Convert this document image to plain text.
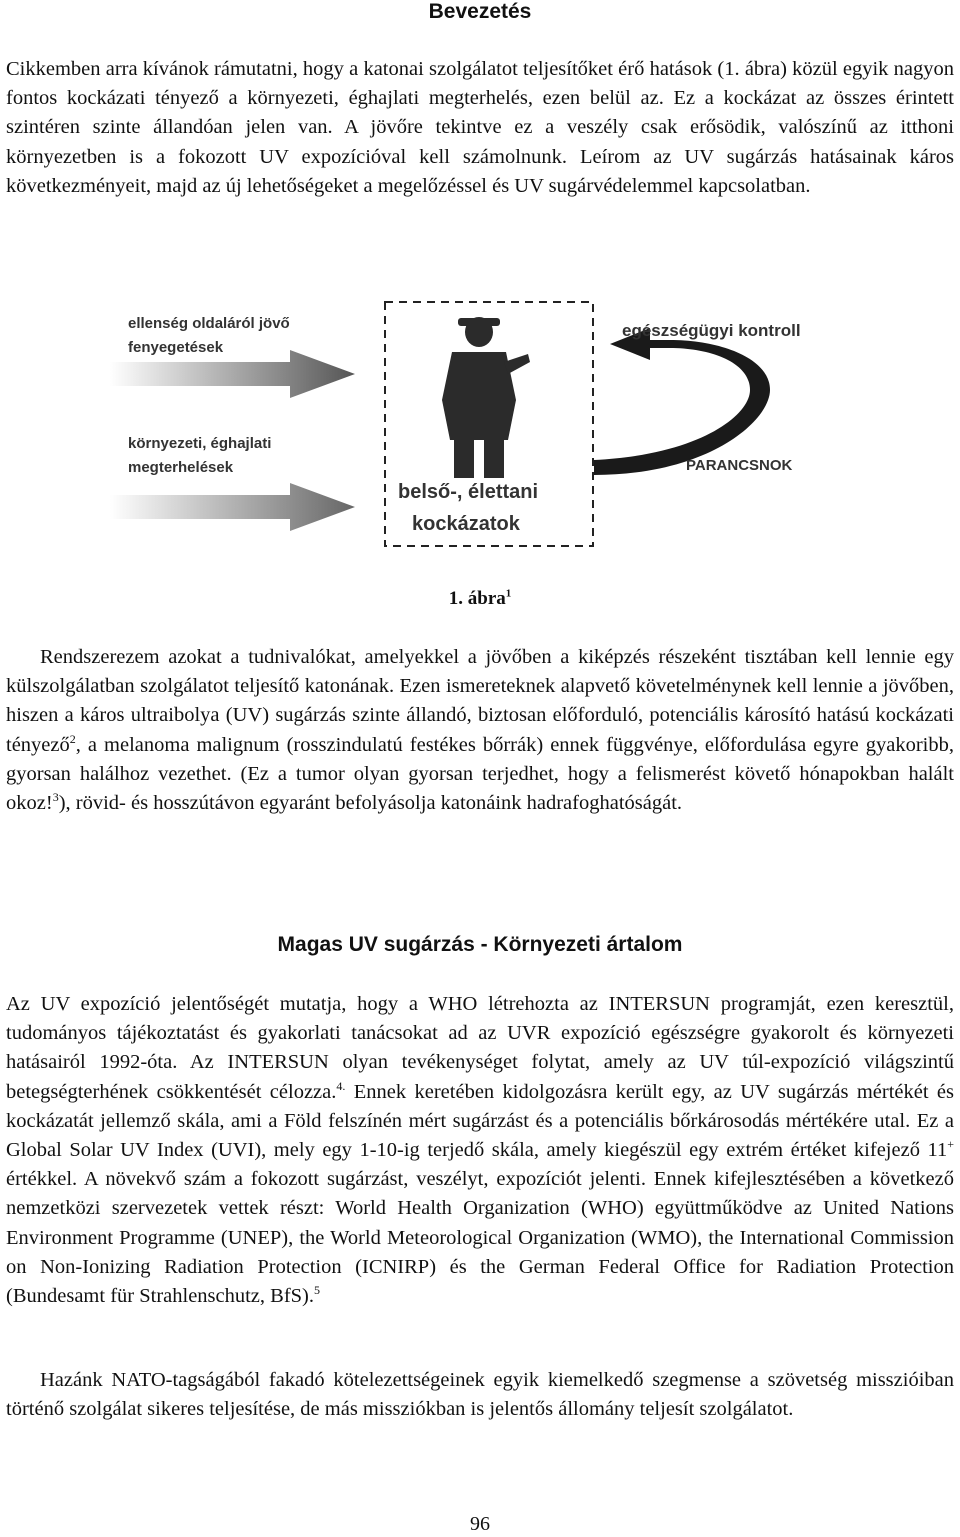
Bevezetés

Cikkemben arra kívánok rámutatni, hogy a katonai szolgálatot teljesítőket érő hatások (1. ábra) közül egyik nagyon fontos kockázati tényező a környezeti, éghajlati megterhelés, ezen belül az. Ez a kockázat az összes érintett szintéren szinte állandóan jelen van. A jövőre tekintve ez a veszély csak erősödik, valószínű az itthoni környezetben is a fokozott UV expozícióval kell számolnunk. Leírom az UV sugárzás hatásainak káros következményeit, majd az új lehetőségeket a megelőzéssel és UV sugárvédelemmel kapcsolatban.

ellenség oldaláról jövő
fenyegetések
környezeti, éghajlati
megterhelések
belső-, élettani
kockázatok
egészségügyi kontroll
PARANCSNOK
1. ábra$^1$

Rendszerezem azokat a tudnivalókat, amelyekkel a jövőben a kiképzés részeként tisztában kell lennie egy külszolgálatban szolgálatot teljesítő katonának. Ezen ismereteknek alapvető követelménynek kell lennie a jövőben, hiszen a káros ultraibolya (UV) sugárzás szinte állandó, biztosan előforduló, potenciális károsító hatású kockázati tényező$^2$, a melanoma malignum (rosszindulatú festékes bőrrák) ennek függvénye, előfordulása egyre gyakoribb, gyorsan halálhoz vezethet. (Ez a tumor olyan gyorsan terjedhet, hogy a felismerést követő hónapokban halált okoz!$^3$), rövid- és hosszútávon egyaránt befolyásolja katonáink hadrafoghatóságát.

Magas UV sugárzás - Környezeti ártalom

Az UV expozíció jelentőségét mutatja, hogy a WHO létrehozta az INTERSUN programját, ezen keresztül, tudományos tájékoztatást és gyakorlati tanácsokat ad az UVR expozíció egészségre gyakorolt és környezeti hatásairól 1992-óta. Az INTERSUN olyan tevékenységet folytat, amely az UV túl-expozíció világszintű betegségterhének csökkentését célozza.$^{4.}$ Ennek keretében kidolgozásra került egy, az UV sugárzás mértékét és kockázatát jellemző skála, ami a Föld felszínén mért sugárzást és a potenciális bőrkárosodás mértékére utal. Ez a Global Solar UV Index (UVI), mely egy 1-10-ig terjedő skála, amely kiegészül egy extrém értéket kifejező 11+ értékkel. A növekvő szám a fokozott sugárzást, veszélyt, expozíciót jelenti. Ennek kifejlesztésében a következő nemzetközi szervezetek vettek részt: World Health Organization (WHO) együttműködve az United Nations Environment Programme (UNEP), the World Meteorological Organization (WMO), the International Commission on Non-Ionizing Radiation Protection (ICNIRP) és the German Federal Office for Radiation Protection (Bundesamt für Strahlenschutz, BfS).$^5$

Hazánk NATO-tagságából fakadó kötelezettségeinek egyik kiemelkedő szegmense a szövetség misszióiban történő szolgálat sikeres teljesítése, de más missziókban is jelentős állomány teljesít szolgálatot.

96
